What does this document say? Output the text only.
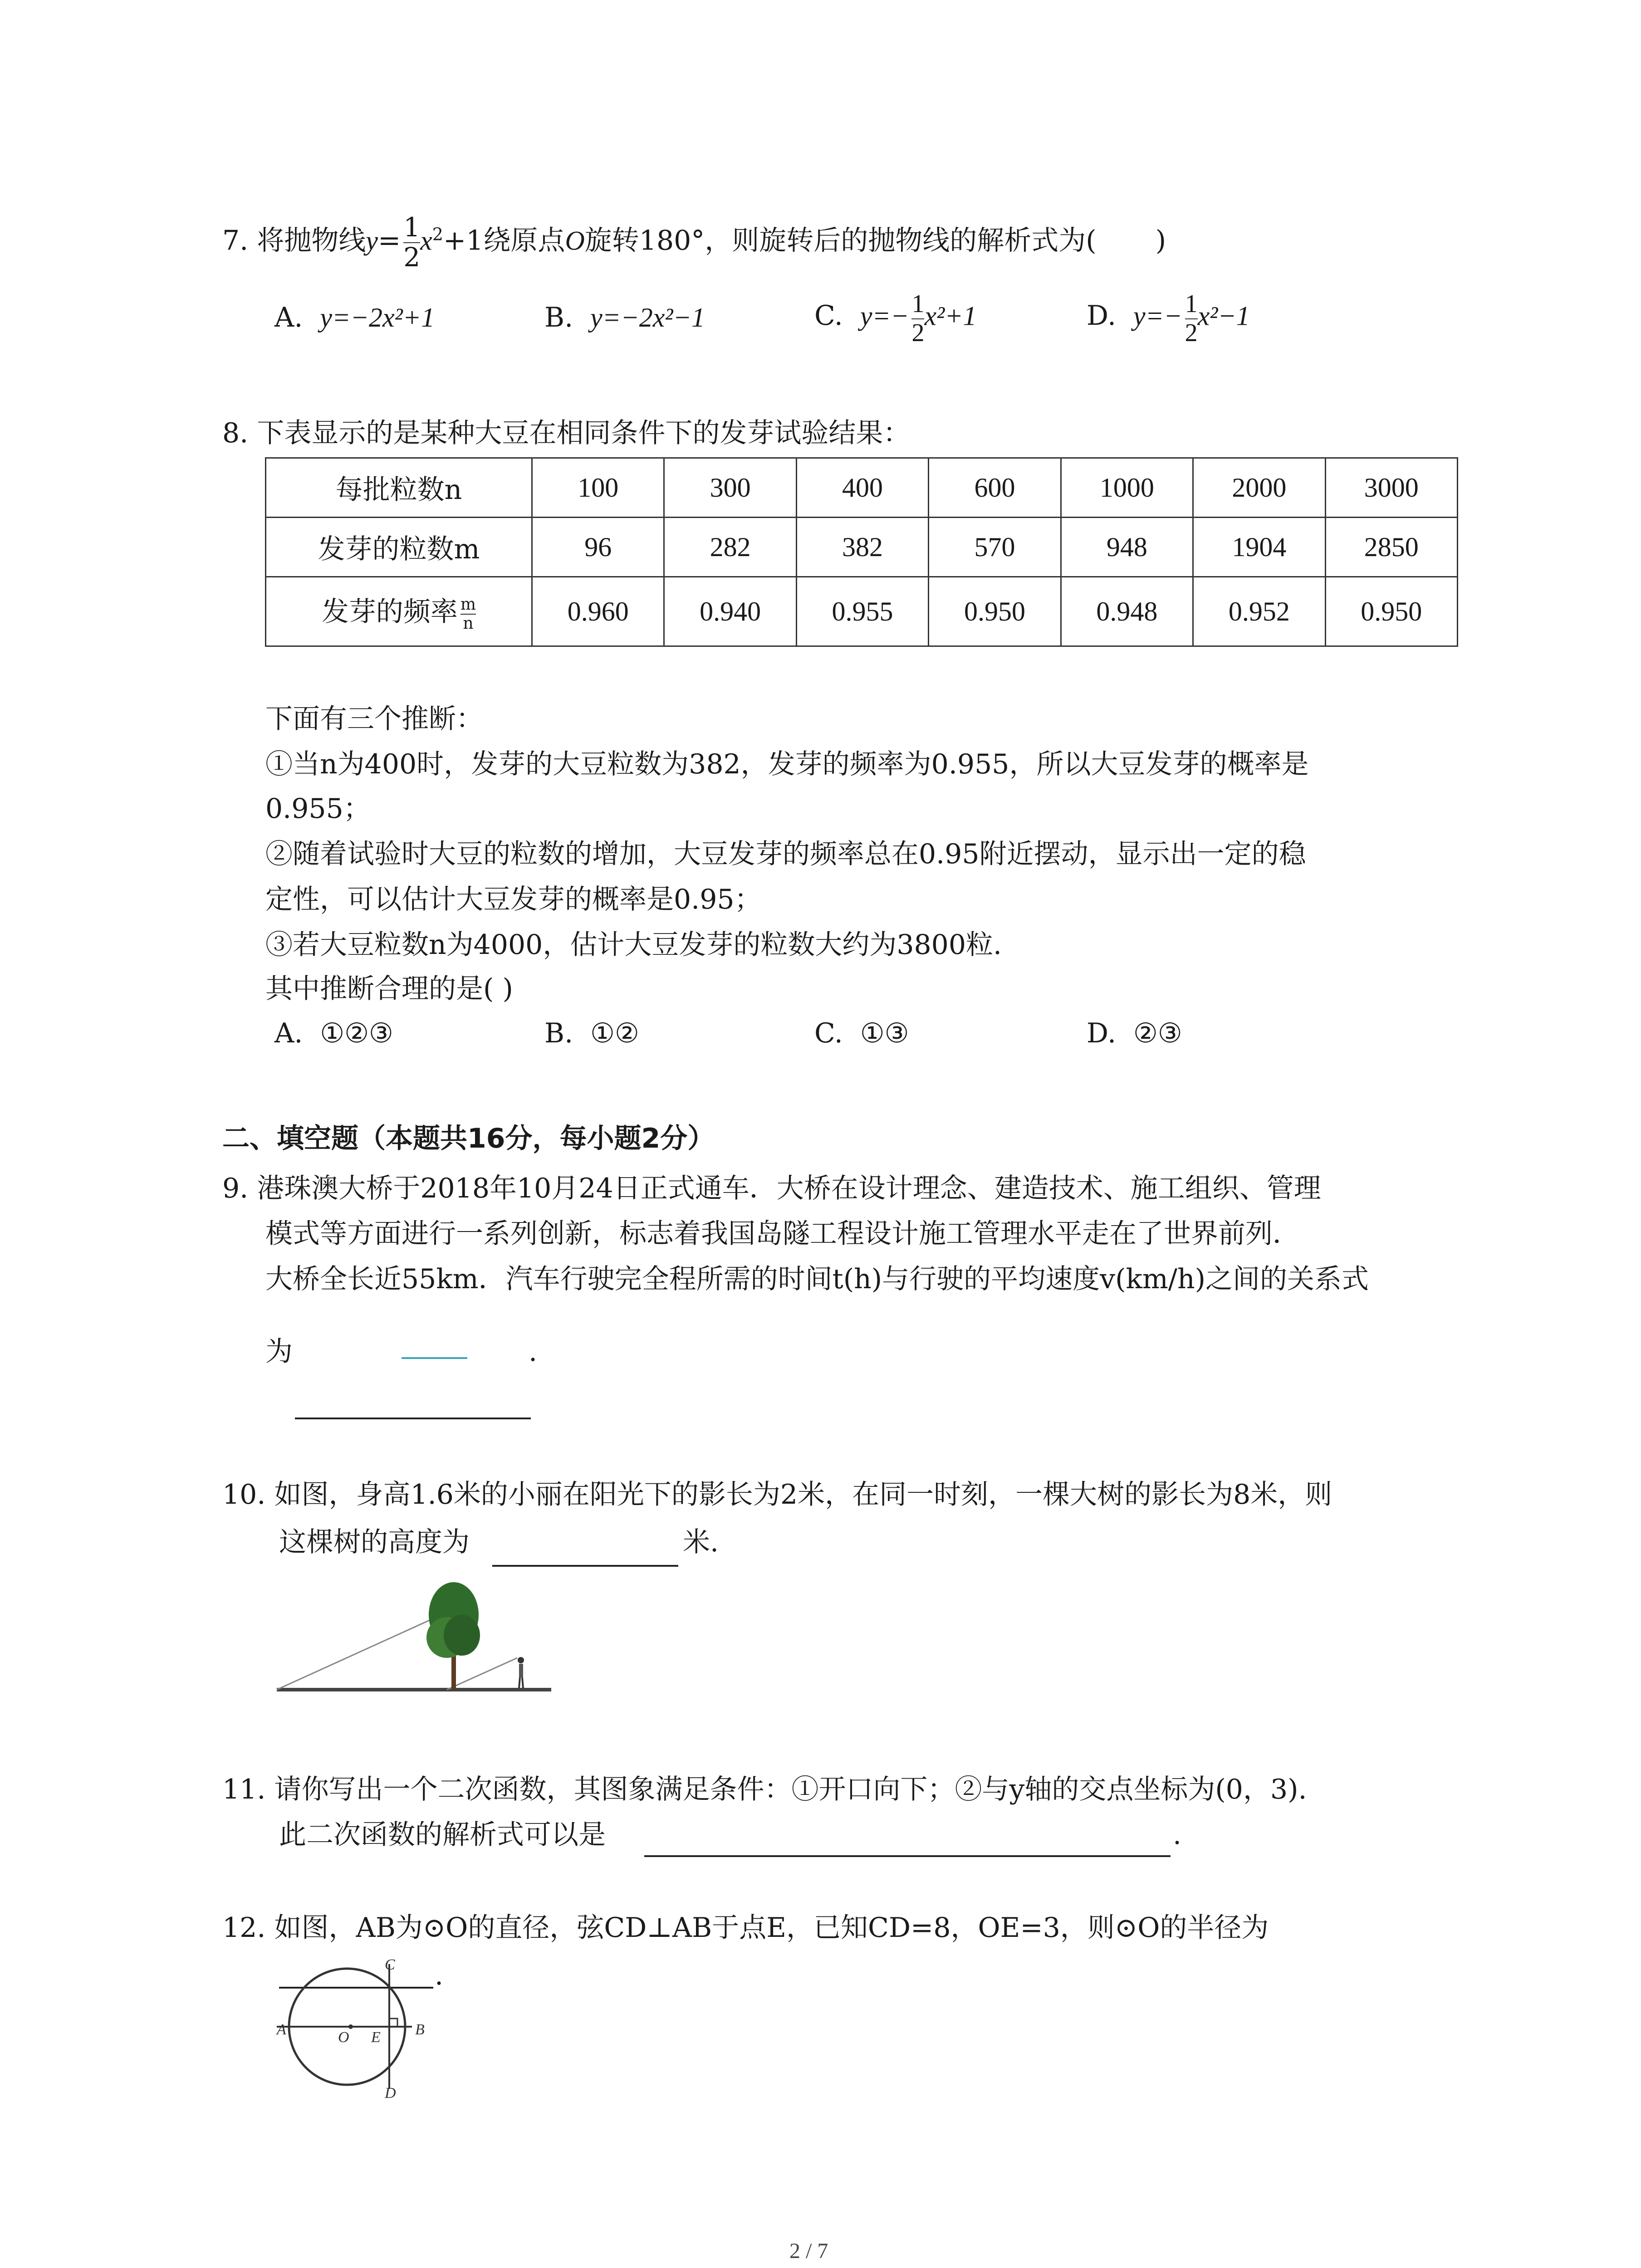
7. 将抛物线$y= \frac{1}{2} x^2+1$绕原点O旋转180°，则旋转后的抛物线的解析式为( )
A. y=−2x²+1	B. y=−2x²−1	C. $y=- \frac{1}{2} x^2+1$	D. $y=- \frac{1}{2} x^2-1$
8. 下表显示的是某种大豆在相同条件下的发芽试验结果：
每批粒数n	100	300	400	600	1000	2000	3000
发芽的粒数m	96	282	382	570	948	1904	2850
发芽的频率 $\frac{m}{n}$	0.960	0.940	0.955	0.950	0.948	0.952	0.950
下面有三个推断：
①当n为400时，发芽的大豆粒数为382，发芽的频率为0.955，所以大豆发芽的概率是
0.955；
②随着试验时大豆的粒数的增加，大豆发芽的频率总在0.95附近摆动，显示出一定的稳
定性，可以估计大豆发芽的概率是0.95；
③若大豆粒数n为4000，估计大豆发芽的粒数大约为3800粒.
其中推断合理的是( )
A. ①②③	B. ①②	C. ①③	D. ②③
二、填空题（本题共16分，每小题2分）
9. 港珠澳大桥于2018年10月24日正式通车．大桥在设计理念、建造技术、施工组织、管理
模式等方面进行一系列创新，标志着我国岛隧工程设计施工管理水平走在了世界前列．
大桥全长近55km．汽车行驶完全程所需的时间t(h)与行驶的平均速度v(km/h)之间的关系式
为	.
10. 如图，身高1.6米的小丽在阳光下的影长为2米，在同一时刻，一棵大树的影长为8米，则
这棵树的高度为	米.
11. 请你写出一个二次函数，其图象满足条件：①开口向下；②与y轴的交点坐标为(0，3).
此二次函数的解析式可以是	.
12. 如图，AB为⊙O的直径，弦CD⊥AB于点E，已知CD=8，OE=3，则⊙O的半径为
.
A	B
C
D
O E
2 / 7
